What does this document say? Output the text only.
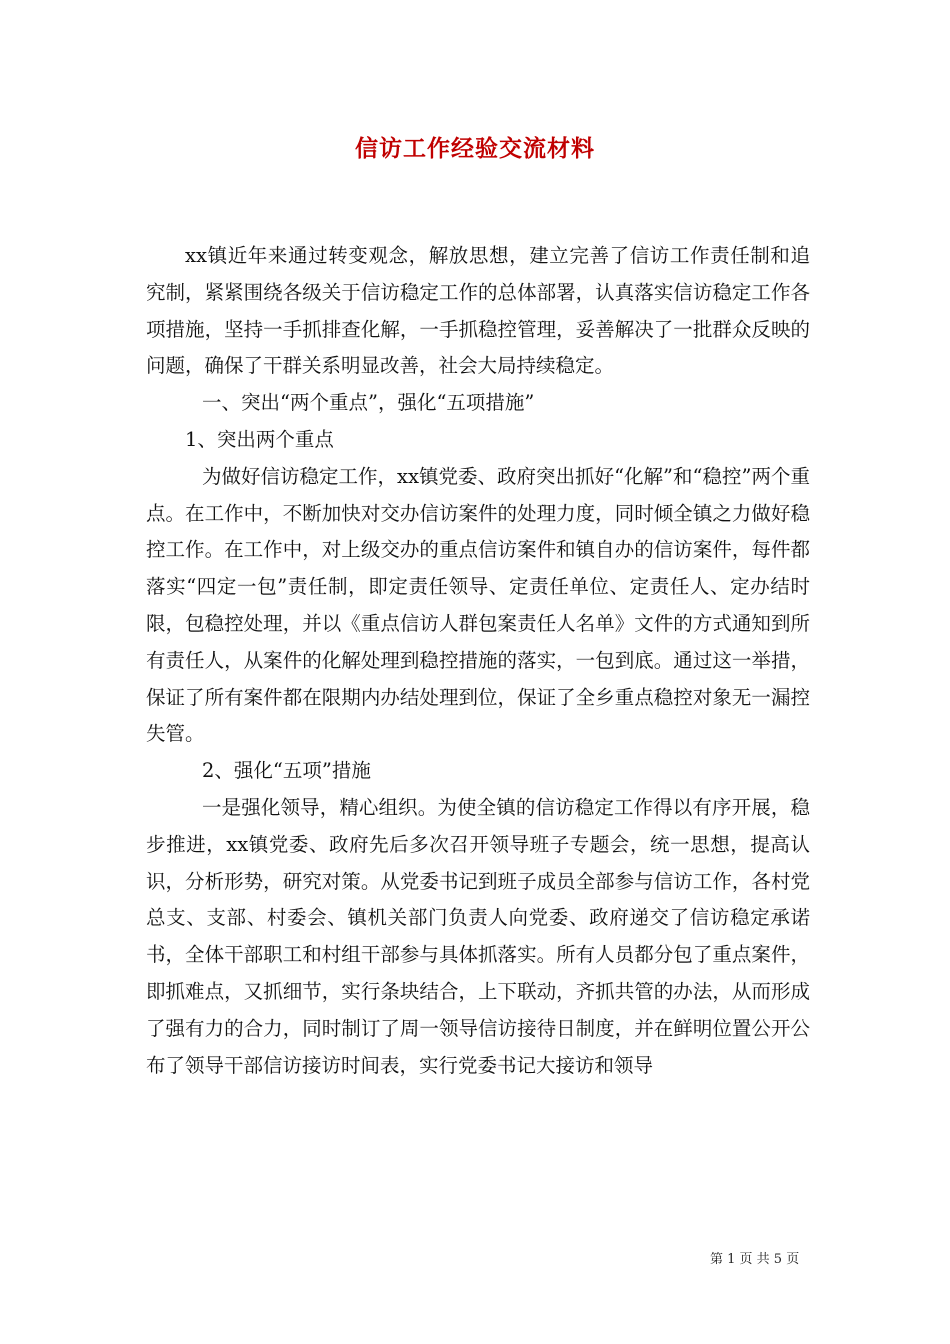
信访工作经验交流材料

xx镇近年来通过转变观念，解放思想，建立完善了信访工作责任制和追究制，紧紧围绕各级关于信访稳定工作的总体部署，认真落实信访稳定工作各项措施，坚持一手抓排查化解，一手抓稳控管理，妥善解决了一批群众反映的问题，确保了干群关系明显改善，社会大局持续稳定。

一、突出“两个重点”，强化“五项措施”

1、突出两个重点

为做好信访稳定工作，xx镇党委、政府突出抓好“化解”和“稳控”两个重点。在工作中，不断加快对交办信访案件的处理力度，同时倾全镇之力做好稳控工作。在工作中，对上级交办的重点信访案件和镇自办的信访案件，每件都落实“四定一包”责任制，即定责任领导、定责任单位、定责任人、定办结时限，包稳控处理，并以《重点信访人群包案责任人名单》文件的方式通知到所有责任人，从案件的化解处理到稳控措施的落实，一包到底。通过这一举措，保证了所有案件都在限期内办结处理到位，保证了全乡重点稳控对象无一漏控失管。

2、强化“五项”措施

一是强化领导，精心组织。为使全镇的信访稳定工作得以有序开展，稳步推进，xx镇党委、政府先后多次召开领导班子专题会，统一思想，提高认识，分析形势，研究对策。从党委书记到班子成员全部参与信访工作，各村党总支、支部、村委会、镇机关部门负责人向党委、政府递交了信访稳定承诺书，全体干部职工和村组干部参与具体抓落实。所有人员都分包了重点案件，即抓难点，又抓细节，实行条块结合，上下联动，齐抓共管的办法，从而形成了强有力的合力，同时制订了周一领导信访接待日制度，并在鲜明位置公开公布了领导干部信访接访时间表，实行党委书记大接访和领导

第 1 页 共 5 页
